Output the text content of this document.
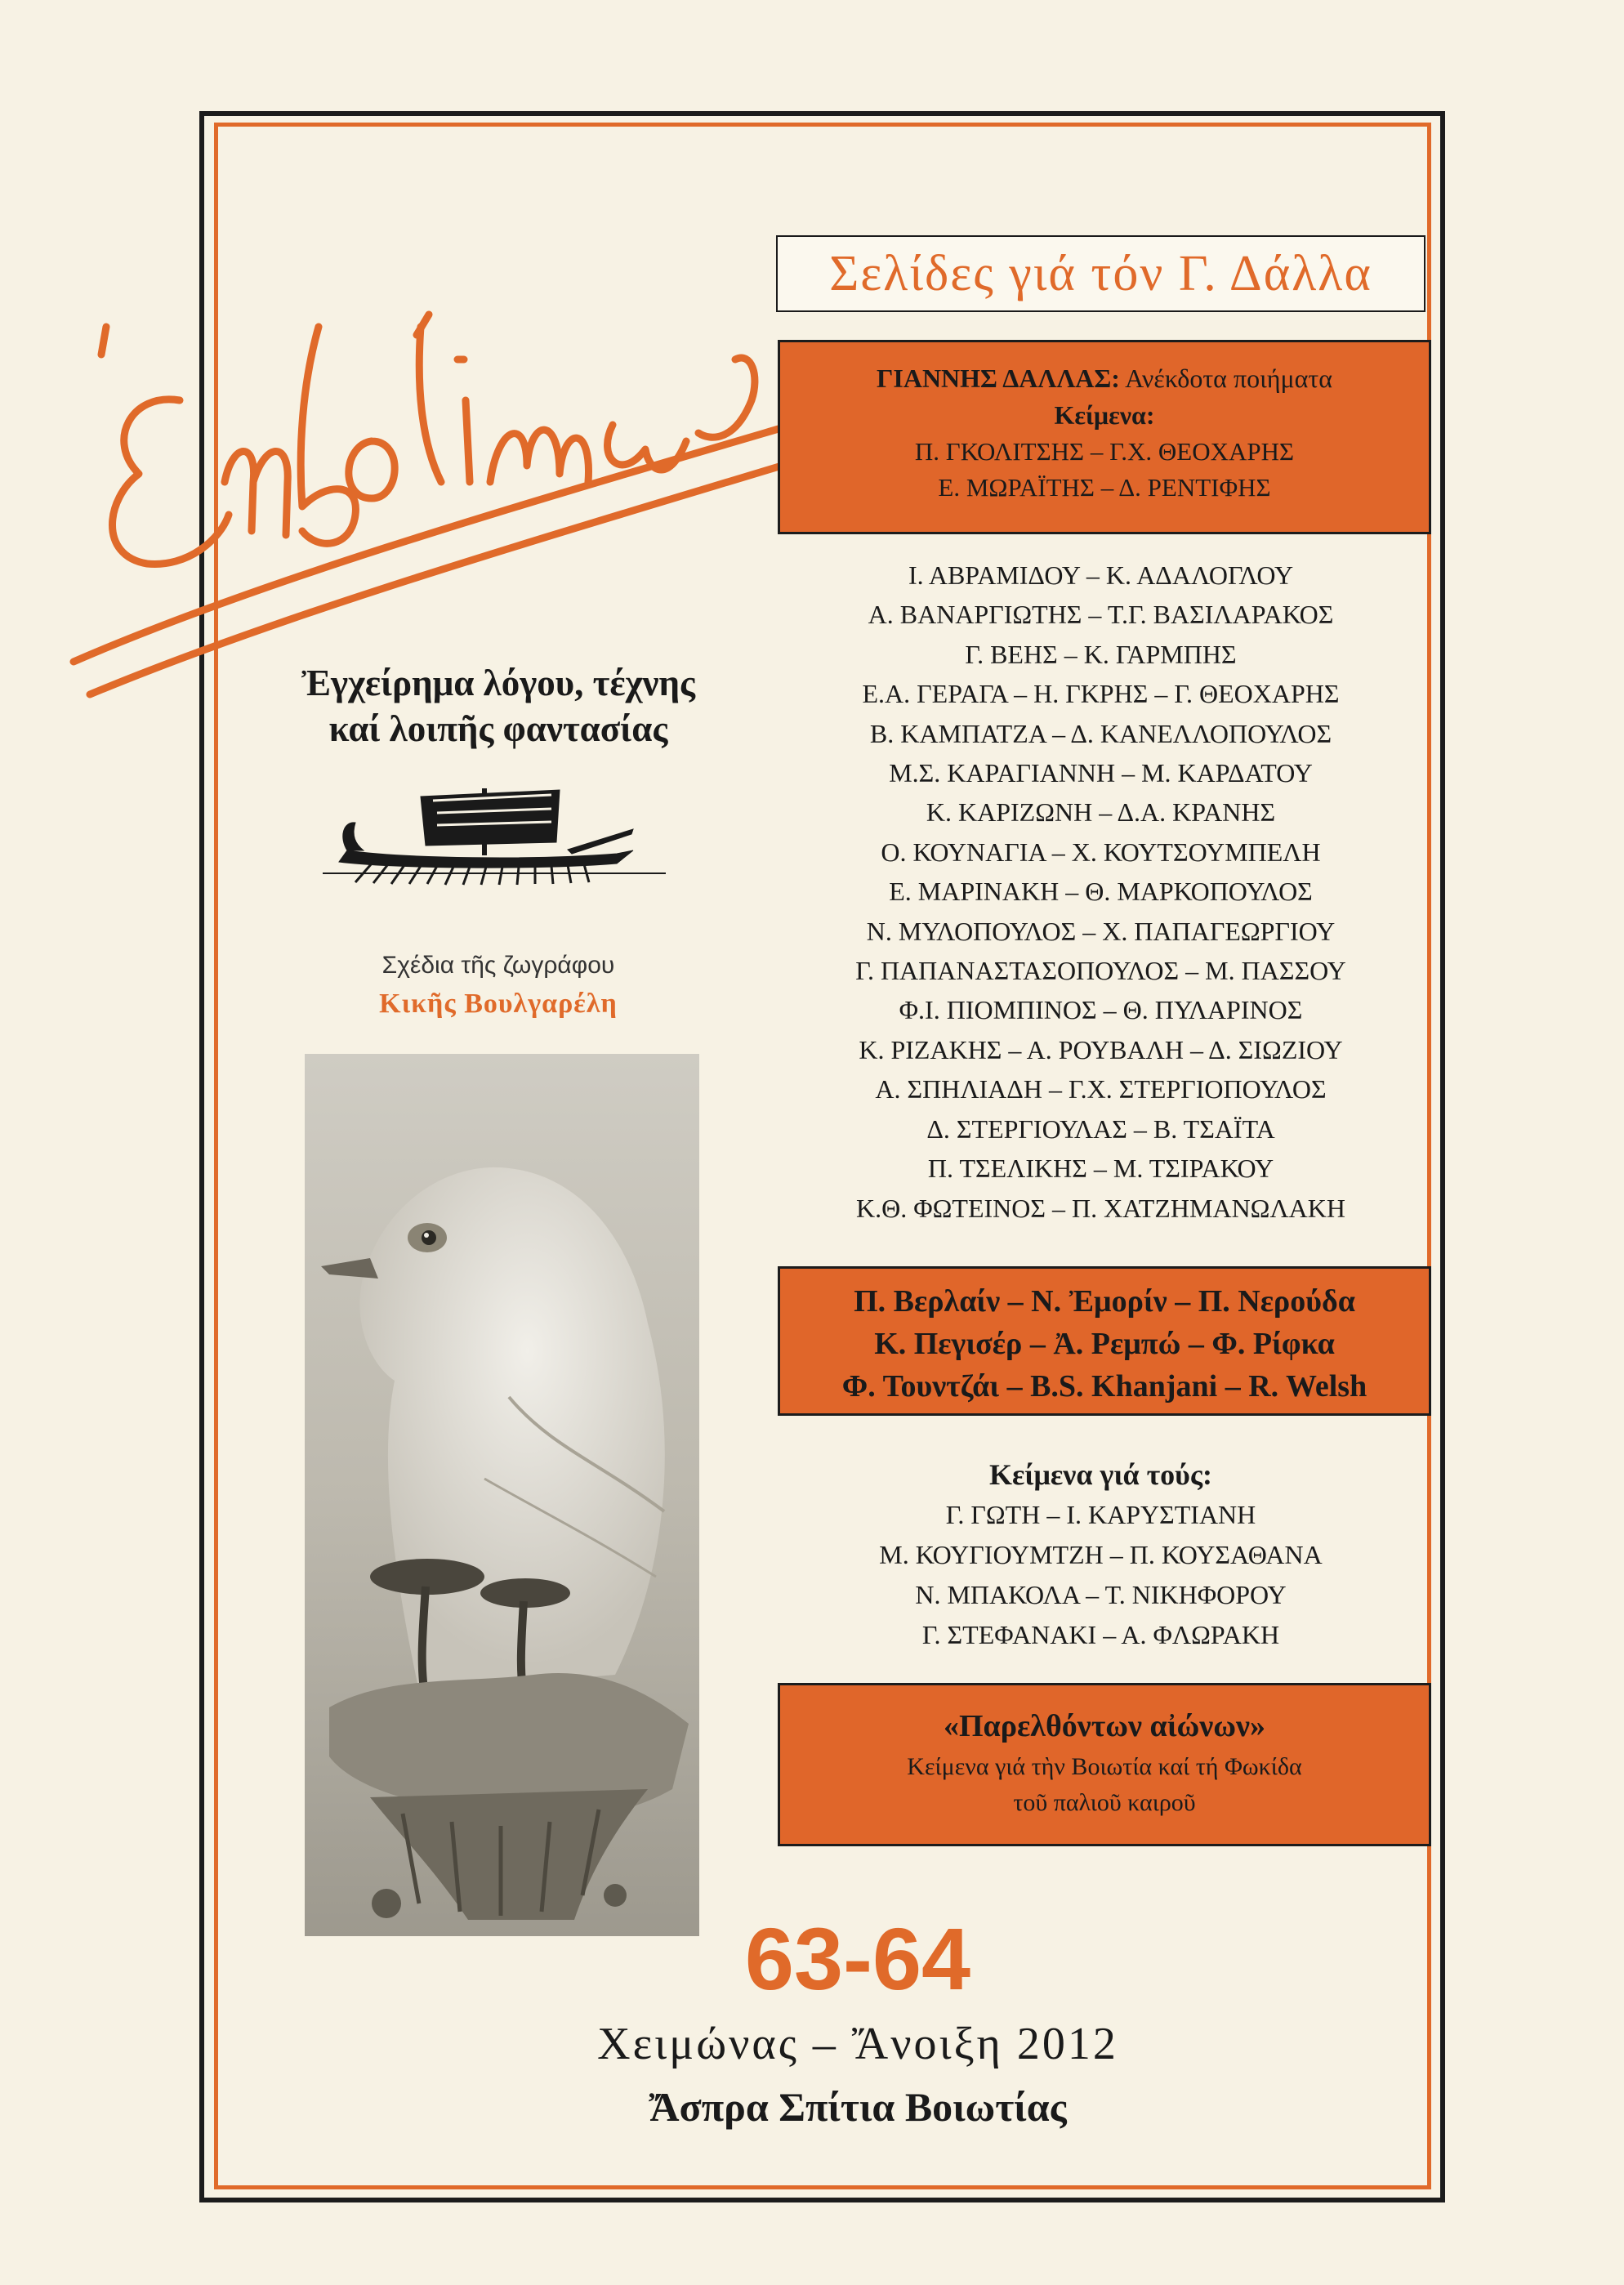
Ἐγχείρημα λόγου, τέχνης
καί λοιπῆς φαντασίας
Σχέδια τῆς ζωγράφου
Κικῆς Βουλγαρέλη
Σελίδες γιά τόν Γ. Δάλλα
ΓΙΑΝΝΗΣ ΔΑΛΛΑΣ: Ανέκδοτα ποιήματα
Κείμενα:
Π. ΓΚΟΛΙΤΣΗΣ – Γ.Χ. ΘΕΟΧΑΡΗΣ
Ε. ΜΩΡΑΪΤΗΣ – Δ. ΡΕΝΤΙΦΗΣ
Ι. ΑΒΡΑΜΙΔΟΥ – Κ. ΑΔΑΛΟΓΛΟΥ
Α. ΒΑΝΑΡΓΙΩΤΗΣ – Τ.Γ. ΒΑΣΙΛΑΡΑΚΟΣ
Γ. ΒΕΗΣ – Κ. ΓΑΡΜΠΗΣ
Ε.Α. ΓΕΡΑΓΑ – Η. ΓΚΡΗΣ – Γ. ΘΕΟΧΑΡΗΣ
Β. ΚΑΜΠΑΤΖΑ – Δ. ΚΑΝΕΛΛΟΠΟΥΛΟΣ
Μ.Σ. ΚΑΡΑΓΙΑΝΝΗ – Μ. ΚΑΡΔΑΤΟΥ
Κ. ΚΑΡΙΖΩΝΗ – Δ.Α. ΚΡΑΝΗΣ
Ο. ΚΟΥΝΑΓΙΑ – Χ. ΚΟΥΤΣΟΥΜΠΕΛΗ
Ε. ΜΑΡΙΝΑΚΗ – Θ. ΜΑΡΚΟΠΟΥΛΟΣ
Ν. ΜΥΛΟΠΟΥΛΟΣ – Χ. ΠΑΠΑΓΕΩΡΓΙΟΥ
Γ. ΠΑΠΑΝΑΣΤΑΣΟΠΟΥΛΟΣ – Μ. ΠΑΣΣΟΥ
Φ.Ι. ΠΙΟΜΠΙΝΟΣ – Θ. ΠΥΛΑΡΙΝΟΣ
Κ. ΡΙΖΑΚΗΣ – Α. ΡΟΥΒΑΛΗ – Δ. ΣΙΩΖΙΟΥ
Α. ΣΠΗΛΙΑΔΗ – Γ.Χ. ΣΤΕΡΓΙΟΠΟΥΛΟΣ
Δ. ΣΤΕΡΓΙΟΥΛΑΣ – Β. ΤΣΑΪΤΑ
Π. ΤΣΕΛΙΚΗΣ – Μ. ΤΣΙΡΑΚΟΥ
Κ.Θ. ΦΩΤΕΙΝΟΣ – Π. ΧΑΤΖΗΜΑΝΩΛΑΚΗ
Π. Βερλαίν – Ν. Ἐμορίν – Π. Νερούδα
Κ. Πεγισέρ – Ἀ. Ρεμπώ – Φ. Ρίφκα
Φ. Τουντζάι – B.S. Khanjani – R. Welsh
Κείμενα γιά τούς:
Γ. ΓΩΤΗ – Ι. ΚΑΡΥΣΤΙΑΝΗ
Μ. ΚΟΥΓΙΟΥΜΤΖΗ – Π. ΚΟΥΣΑΘΑΝΑ
Ν. ΜΠΑΚΟΛΑ – Τ. ΝΙΚΗΦΟΡΟΥ
Γ. ΣΤΕΦΑΝΑΚΙ – Α. ΦΛΩΡΑΚΗ
«Παρελθόντων αἰώνων»
Κείμενα γιά τὴν Βοιωτία καί τή Φωκίδα
τοῦ παλιοῦ καιροῦ
63-64
Χειμώνας – Ἄνοιξη 2012
Ἄσπρα Σπίτια Βοιωτίας
